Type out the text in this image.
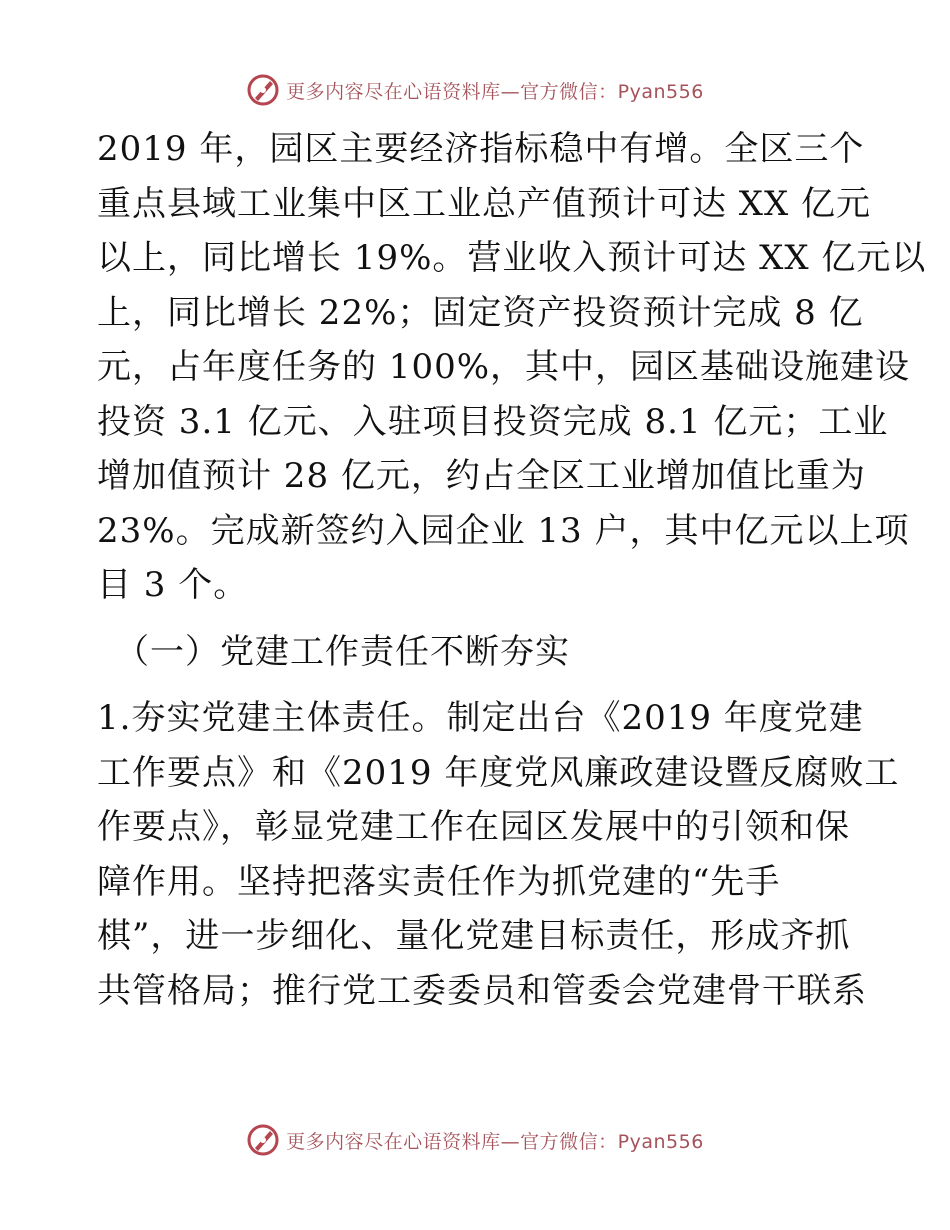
更多内容尽在心语资料库—官方微信：Pyan556

2019 年，园区主要经济指标稳中有增。全区三个
重点县域工业集中区工业总产值预计可达 XX 亿元
以上，同比增长 19%。营业收入预计可达 XX 亿元以
上，同比增长 22%；固定资产投资预计完成 8 亿
元，占年度任务的 100%，其中，园区基础设施建设
投资 3.1 亿元、入驻项目投资完成 8.1 亿元；工业
增加值预计 28 亿元，约占全区工业增加值比重为
23%。完成新签约入园企业 13 户，其中亿元以上项
目 3 个。

（一）党建工作责任不断夯实

1.夯实党建主体责任。制定出台《2019 年度党建
工作要点》和《2019 年度党风廉政建设暨反腐败工
作要点》，彰显党建工作在园区发展中的引领和保
障作用。坚持把落实责任作为抓党建的“先手
棋”，进一步细化、量化党建目标责任，形成齐抓
共管格局；推行党工委委员和管委会党建骨干联系

更多内容尽在心语资料库—官方微信：Pyan556
